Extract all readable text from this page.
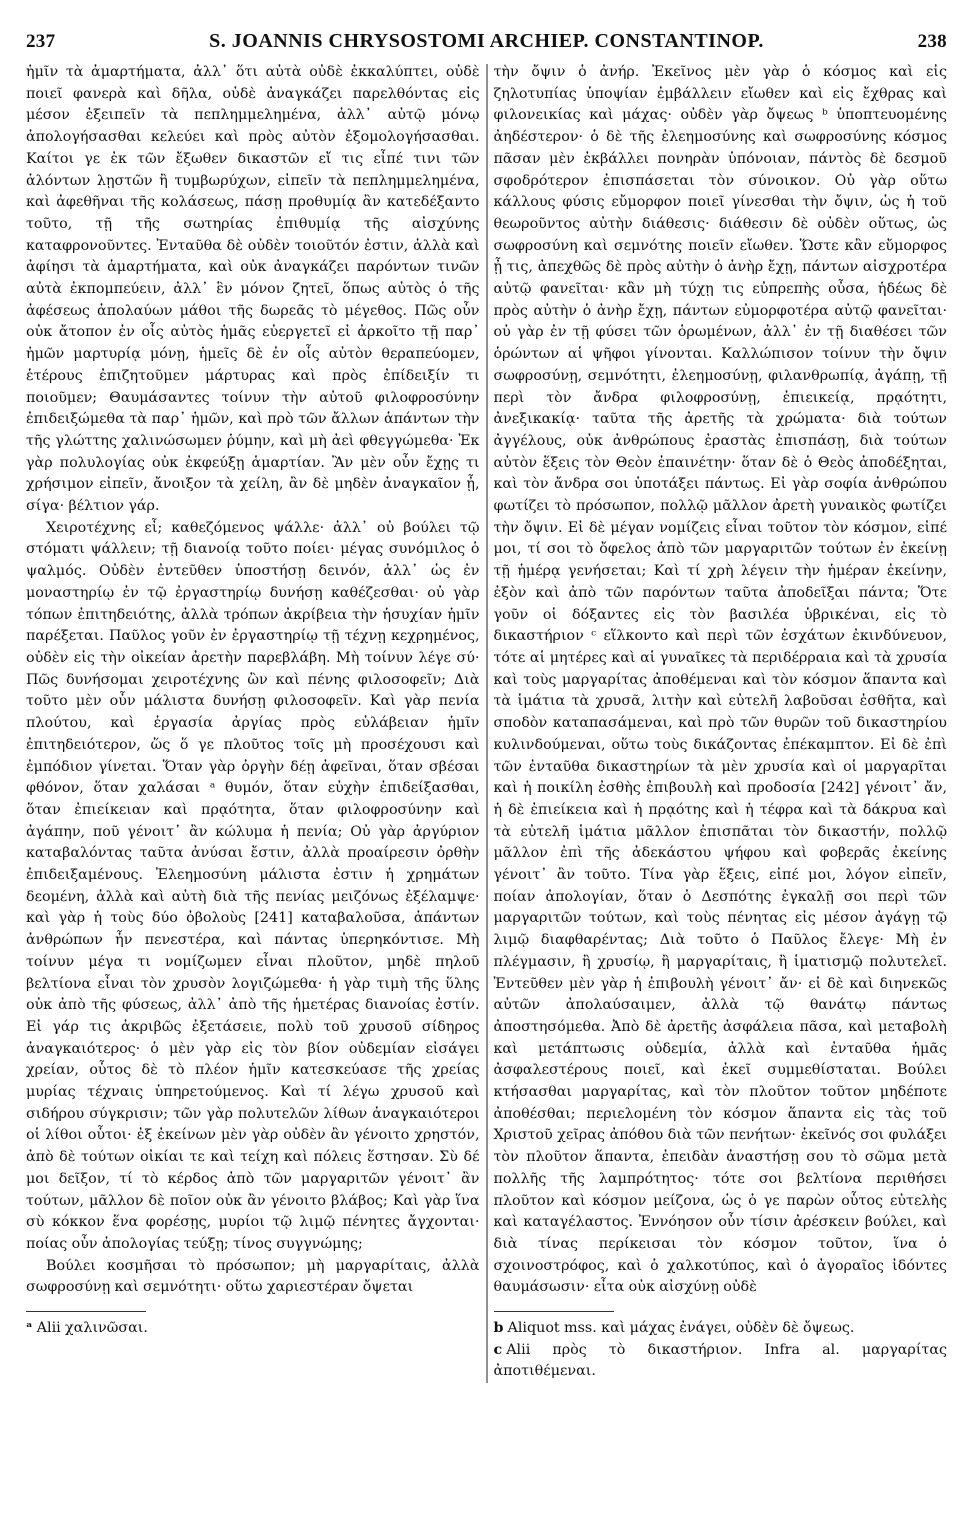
237	S. JOANNIS CHRYSOSTOMI ARCHIEP. CONSTANTINOP.	238

ἡμῖν τὰ ἁμαρτήματα, ἀλλ᾽ ὅτι αὐτὰ οὐδὲ ἐκκαλύπτει, οὐδὲ ποιεῖ φανερὰ καὶ δῆλα, οὐδὲ ἀναγκάζει παρελθόντας εἰς μέσον ἐξειπεῖν τὰ πεπλημμελημένα, ἀλλ᾽ αὐτῷ μόνῳ ἀπολογήσασθαι κελεύει καὶ πρὸς αὐτὸν ἐξομολογήσασθαι. Καίτοι γε ἐκ τῶν ἔξωθεν δικαστῶν εἴ τις εἶπέ τινι τῶν ἁλόντων λῃστῶν ἢ τυμβωρύχων, εἰπεῖν τὰ πεπλημμελημένα, καὶ ἀφεθῆναι τῆς κολάσεως, πάσῃ προθυμίᾳ ἂν κατεδέξαντο τοῦτο, τῇ τῆς σωτηρίας ἐπιθυμίᾳ τῆς αἰσχύνης καταφρονοῦντες. Ἐνταῦθα δὲ οὐδὲν τοιοῦτόν ἐστιν, ἀλλὰ καὶ ἀφίησι τὰ ἁμαρτήματα, καὶ οὐκ ἀναγκάζει παρόντων τινῶν αὐτὰ ἐκπομπεύειν, ἀλλ᾽ ἓν μόνον ζητεῖ, ὅπως αὐτὸς ὁ τῆς ἀφέσεως ἀπολαύων μάθοι τῆς δωρεᾶς τὸ μέγεθος. Πῶς οὖν οὐκ ἄτοπον ἐν οἷς αὐτὸς ἡμᾶς εὐεργετεῖ εἰ ἀρκοῖτο τῇ παρ᾽ ἡμῶν μαρτυρίᾳ μόνῃ, ἡμεῖς δὲ ἐν οἷς αὐτὸν θεραπεύομεν, ἑτέρους ἐπιζητοῦμεν μάρτυρας καὶ πρὸς ἐπίδειξίν τι ποιοῦμεν; Θαυμάσαντες τοίνυν τὴν αὐτοῦ φιλοφροσύνην ἐπιδειξώμεθα τὰ παρ᾽ ἡμῶν, καὶ πρὸ τῶν ἄλλων ἁπάντων τὴν τῆς γλώττης χαλινώσωμεν ῥύμην, καὶ μὴ ἀεὶ φθεγγώμεθα· Ἐκ γὰρ πολυλογίας οὐκ ἐκφεύξῃ ἁμαρτίαν. Ἂν μὲν οὖν ἔχῃς τι χρήσιμον εἰπεῖν, ἄνοιξον τὰ χείλη, ἂν δὲ μηδὲν ἀναγκαῖον ᾖ, σίγα· βέλτιον γάρ.

Χειροτέχνης εἶ; καθεζόμενος ψάλλε· ἀλλ᾽ οὐ βούλει τῷ στόματι ψάλλειν; τῇ διανοίᾳ τοῦτο ποίει· μέγας συνόμιλος ὁ ψαλμός. Οὐδὲν ἐντεῦθεν ὑποστήσῃ δεινόν, ἀλλ᾽ ὡς ἐν μοναστηρίῳ ἐν τῷ ἐργαστηρίῳ δυνήσῃ καθέζεσθαι· οὐ γὰρ τόπων ἐπιτηδειότης, ἀλλὰ τρόπων ἀκρίβεια τὴν ἡσυχίαν ἡμῖν παρέξεται. Παῦλος γοῦν ἐν ἐργαστηρίῳ τῇ τέχνῃ κεχρημένος, οὐδὲν εἰς τὴν οἰκείαν ἀρετὴν παρεβλάβη. Μὴ τοίνυν λέγε σύ· Πῶς δυνήσομαι χειροτέχνης ὢν καὶ πένης φιλοσοφεῖν; Διὰ τοῦτο μὲν οὖν μάλιστα δυνήσῃ φιλοσοφεῖν. Καὶ γὰρ πενία πλούτου, καὶ ἐργασία ἀργίας πρὸς εὐλάβειαν ἡμῖν ἐπιτηδειότερον, ὥς ὅ γε πλοῦτος τοῖς μὴ προσέχουσι καὶ ἐμπόδιον γίνεται. Ὅταν γὰρ ὀργὴν δέῃ ἀφεῖναι, ὅταν σβέσαι φθόνον, ὅταν χαλάσαι ᵃ θυμόν, ὅταν εὐχὴν ἐπιδείξασθαι, ὅταν ἐπιείκειαν καὶ πρᾳότητα, ὅταν φιλοφροσύνην καὶ ἀγάπην, ποῦ γένοιτ᾽ ἂν κώλυμα ἡ πενία; Οὐ γὰρ ἀργύριον καταβαλόντας ταῦτα ἀνύσαι ἔστιν, ἀλλὰ προαίρεσιν ὀρθὴν ἐπιδειξαμένους. Ἐλεημοσύνη μάλιστα ἐστιν ἡ χρημάτων δεομένη, ἀλλὰ καὶ αὐτὴ διὰ τῆς πενίας μειζόνως ἐξέλαμψε· καὶ γὰρ ἡ τοὺς δύο ὀβολοὺς [241] καταβαλοῦσα, ἁπάντων ἀνθρώπων ἦν πενεστέρα, καὶ πάντας ὑπερηκόντισε. Μὴ τοίνυν μέγα τι νομίζωμεν εἶναι πλοῦτον, μηδὲ πηλοῦ βελτίονα εἶναι τὸν χρυσὸν λογιζώμεθα· ἡ γὰρ τιμὴ τῆς ὕλης οὐκ ἀπὸ τῆς φύσεως, ἀλλ᾽ ἀπὸ τῆς ἡμετέρας διανοίας ἐστίν. Εἰ γάρ τις ἀκριβῶς ἐξετάσειε, πολὺ τοῦ χρυσοῦ σίδηρος ἀναγκαιότερος· ὁ μὲν γὰρ εἰς τὸν βίον οὐδεμίαν εἰσάγει χρείαν, οὗτος δὲ τὸ πλέον ἡμῖν κατεσκεύασε τῆς χρείας μυρίας τέχναις ὑπηρετούμενος. Καὶ τί λέγω χρυσοῦ καὶ σιδήρου σύγκρισιν; τῶν γὰρ πολυτελῶν λίθων ἀναγκαιότεροι οἱ λίθοι οὗτοι· ἐξ ἐκείνων μὲν γὰρ οὐδὲν ἂν γένοιτο χρηστόν, ἀπὸ δὲ τούτων οἰκίαι τε καὶ τείχη καὶ πόλεις ἕστησαν. Σὺ δέ μοι δεῖξον, τί τὸ κέρδος ἀπὸ τῶν μαργαριτῶν γένοιτ᾽ ἂν τούτων, μᾶλλον δὲ ποῖον οὐκ ἂν γένοιτο βλάβος; Καὶ γὰρ ἵνα σὺ κόκκον ἕνα φορέσῃς, μυρίοι τῷ λιμῷ πένητες ἄγχονται· ποίας οὖν ἀπολογίας τεύξῃ; τίνος συγγνώμης;

Βούλει κοσμῆσαι τὸ πρόσωπον; μὴ μαργαρίταις, ἀλλὰ σωφροσύνῃ καὶ σεμνότητι· οὕτω χαριεστέραν ὄψεται

ᵃ Alii χαλινῶσαι.

τὴν ὄψιν ὁ ἀνήρ. Ἐκεῖνος μὲν γὰρ ὁ κόσμος καὶ εἰς ζηλοτυπίας ὑποψίαν ἐμβάλλειν εἴωθεν καὶ εἰς ἔχθρας καὶ φιλονεικίας καὶ μάχας· οὐδὲν γὰρ ὄψεως ᵇ ὑποπτευομένης ἀηδέστερον· ὁ δὲ τῆς ἐλεημοσύνης καὶ σωφροσύνης κόσμος πᾶσαν μὲν ἐκβάλλει πονηρὰν ὑπόνοιαν, πάντὸς δὲ δεσμοῦ σφοδρότερον ἐπισπάσεται τὸν σύνοικον. Οὐ γὰρ οὕτω κάλλους φύσις εὔμορφον ποιεῖ γίνεσθαι τὴν ὄψιν, ὡς ἡ τοῦ θεωροῦντος αὐτὴν διάθεσις· διάθεσιν δὲ οὐδὲν οὕτως, ὡς σωφροσύνη καὶ σεμνότης ποιεῖν εἴωθεν. Ὥστε κἂν εὔμορφος ᾖ τις, ἀπεχθῶς δὲ πρὸς αὐτὴν ὁ ἀνὴρ ἔχῃ, πάντων αἰσχροτέρα αὐτῷ φανεῖται· κἂν μὴ τύχῃ τις εὐπρεπὴς οὖσα, ἡδέως δὲ πρὸς αὐτὴν ὁ ἀνὴρ ἔχῃ, πάντων εὐμορφοτέρα αὐτῷ φανεῖται· οὐ γὰρ ἐν τῇ φύσει τῶν ὁρωμένων, ἀλλ᾽ ἐν τῇ διαθέσει τῶν ὁρώντων αἱ ψῆφοι γίνονται. Καλλώπισον τοίνυν τὴν ὄψιν σωφροσύνῃ, σεμνότητι, ἐλεημοσύνῃ, φιλανθρωπίᾳ, ἀγάπῃ, τῇ περὶ τὸν ἄνδρα φιλοφροσύνῃ, ἐπιεικείᾳ, πρᾳότητι, ἀνεξικακίᾳ· ταῦτα τῆς ἀρετῆς τὰ χρώματα· διὰ τούτων ἀγγέλους, οὐκ ἀνθρώπους ἐραστὰς ἐπισπάσῃ, διὰ τούτων αὐτὸν ἕξεις τὸν Θεὸν ἐπαινέτην· ὅταν δὲ ὁ Θεὸς ἀποδέξηται, καὶ τὸν ἄνδρα σοι ὑποτάξει πάντως. Εἰ γὰρ σοφία ἀνθρώπου φωτίζει τὸ πρόσωπον, πολλῷ μᾶλλον ἀρετὴ γυναικὸς φωτίζει τὴν ὄψιν. Εἰ δὲ μέγαν νομίζεις εἶναι τοῦτον τὸν κόσμον, εἰπέ μοι, τί σοι τὸ ὄφελος ἀπὸ τῶν μαργαριτῶν τούτων ἐν ἐκείνῃ τῇ ἡμέρᾳ γενήσεται; Καὶ τί χρὴ λέγειν τὴν ἡμέραν ἐκείνην, ἐξὸν καὶ ἀπὸ τῶν παρόντων ταῦτα ἀποδεῖξαι πάντα; Ὅτε γοῦν οἱ δόξαντες εἰς τὸν βασιλέα ὑβρικέναι, εἰς τὸ δικαστήριον ᶜ εἵλκοντο καὶ περὶ τῶν ἐσχάτων ἐκινδύνευον, τότε αἱ μητέρες καὶ αἱ γυναῖκες τὰ περιδέρραια καὶ τὰ χρυσία καὶ τοὺς μαργαρίτας ἀποθέμεναι καὶ τὸν κόσμον ἅπαντα καὶ τὰ ἱμάτια τὰ χρυσᾶ, λιτὴν καὶ εὐτελῆ λαβοῦσαι ἐσθῆτα, καὶ σποδὸν καταπασάμεναι, καὶ πρὸ τῶν θυρῶν τοῦ δικαστηρίου κυλινδούμεναι, οὕτω τοὺς δικάζοντας ἐπέκαμπτον. Εἰ δὲ ἐπὶ τῶν ἐνταῦθα δικαστηρίων τὰ μὲν χρυσία καὶ οἱ μαργαρῖται καὶ ἡ ποικίλη ἐσθὴς ἐπιβουλὴ καὶ προδοσία [242] γένοιτ᾽ ἄν, ἡ δὲ ἐπιείκεια καὶ ἡ πρᾳότης καὶ ἡ τέφρα καὶ τὰ δάκρυα καὶ τὰ εὐτελῆ ἱμάτια μᾶλλον ἐπισπᾶται τὸν δικαστήν, πολλῷ μᾶλλον ἐπὶ τῆς ἀδεκάστου ψήφου καὶ φοβερᾶς ἐκείνης γένοιτ᾽ ἂν τοῦτο. Τίνα γὰρ ἕξεις, εἰπέ μοι, λόγον εἰπεῖν, ποίαν ἀπολογίαν, ὅταν ὁ Δεσπότης ἐγκαλῇ σοι περὶ τῶν μαργαριτῶν τούτων, καὶ τοὺς πένητας εἰς μέσον ἀγάγῃ τῷ λιμῷ διαφθαρέντας; Διὰ τοῦτο ὁ Παῦλος ἔλεγε· Μὴ ἐν πλέγμασιν, ἢ χρυσίῳ, ἢ μαργαρίταις, ἢ ἱματισμῷ πολυτελεῖ. Ἐντεῦθεν μὲν γὰρ ἡ ἐπιβουλὴ γένοιτ᾽ ἄν· εἰ δὲ καὶ διηνεκῶς αὐτῶν ἀπολαύσαιμεν, ἀλλὰ τῷ θανάτῳ πάντως ἀποστησόμεθα. Ἀπὸ δὲ ἀρετῆς ἀσφάλεια πᾶσα, καὶ μεταβολὴ καὶ μετάπτωσις οὐδεμία, ἀλλὰ καὶ ἐνταῦθα ἡμᾶς ἀσφαλεστέρους ποιεῖ, καὶ ἐκεῖ συμμεθίσταται. Βούλει κτήσασθαι μαργαρίτας, καὶ τὸν πλοῦτον τοῦτον μηδέποτε ἀποθέσθαι; περιελομένη τὸν κόσμον ἅπαντα εἰς τὰς τοῦ Χριστοῦ χεῖρας ἀπόθου διὰ τῶν πενήτων· ἐκεῖνός σοι φυλάξει τὸν πλοῦτον ἅπαντα, ἐπειδὰν ἀναστήσῃ σου τὸ σῶμα μετὰ πολλῆς τῆς λαμπρότητος· τότε σοι βελτίονα περιθήσει πλοῦτον καὶ κόσμον μείζονα, ὡς ὁ γε παρὼν οὗτος εὐτελὴς καὶ καταγέλαστος. Ἐννόησον οὖν τίσιν ἀρέσκειν βούλει, καὶ διὰ τίνας περίκεισαι τὸν κόσμον τοῦτον, ἵνα ὁ σχοινοστρόφος, καὶ ὁ χαλκοτύπος, καὶ ὁ ἀγοραῖος ἰδόντες θαυμάσωσιν· εἶτα οὐκ αἰσχύνῃ οὐδὲ

b Aliquot mss. καὶ μάχας ἐνάγει, οὐδὲν δὲ ὄψεως.

c Alii πρὸς τὸ δικαστήριον. Infra al. μαργαρίτας ἀποτιθέμεναι.
